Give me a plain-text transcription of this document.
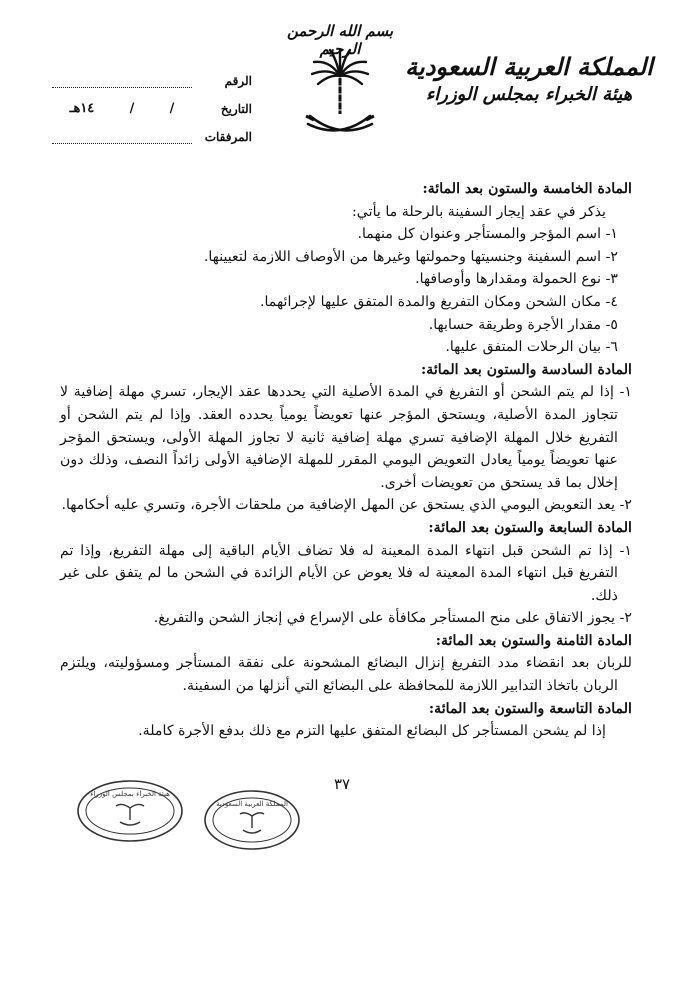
بسم الله الرحمن الرحيم
المملكة العربية السعودية
هيئة الخبراء بمجلس الوزراء
الرقم
التاريخ
/
/
١٤هـ
المرفقات

المادة الخامسة والستون بعد المائة:

يذكر في عقد إيجار السفينة بالرحلة ما يأتي:

١- اسم المؤجر والمستأجر وعنوان كل منهما.

٢- اسم السفينة وجنسيتها وحمولتها وغيرها من الأوصاف اللازمة لتعيينها.

٣- نوع الحمولة ومقدارها وأوصافها.

٤- مكان الشحن ومكان التفريغ والمدة المتفق عليها لإجرائهما.

٥- مقدار الأجرة وطريقة حسابها.

٦- بيان الرحلات المتفق عليها.

المادة السادسة والستون بعد المائة:

١- إذا لم يتم الشحن أو التفريغ في المدة الأصلية التي يحددها عقد الإيجار، تسري مهلة إضافية لا تتجاوز المدة الأصلية، ويستحق المؤجر عنها تعويضاً يومياً يحدده العقد. وإذا لم يتم الشحن أو التفريغ خلال المهلة الإضافية تسري مهلة إضافية ثانية لا تجاوز المهلة الأولى، ويستحق المؤجر عنها تعويضاً يومياً يعادل التعويض اليومي المقرر للمهلة الإضافية الأولى زائداً النصف، وذلك دون إخلال بما قد يستحق من تعويضات أخرى.

٢- يعد التعويض اليومي الذي يستحق عن المهل الإضافية من ملحقات الأجرة، وتسري عليه أحكامها.

المادة السابعة والستون بعد المائة:

١- إذا تم الشحن قبل انتهاء المدة المعينة له فلا تضاف الأيام الباقية إلى مهلة التفريغ، وإذا تم التفريغ قبل انتهاء المدة المعينة له فلا يعوض عن الأيام الزائدة في الشحن ما لم يتفق على غير ذلك.

٢- يجوز الاتفاق على منح المستأجر مكافأة على الإسراع في إنجاز الشحن والتفريغ.

المادة الثامنة والستون بعد المائة:

للربان بعد انقضاء مدد التفريغ إنزال البضائع المشحونة على نفقة المستأجر ومسؤوليته، ويلتزم الربان باتخاذ التدابير اللازمة للمحافظة على البضائع التي أنزلها من السفينة.

المادة التاسعة والستون بعد المائة:

إذا لم يشحن المستأجر كل البضائع المتفق عليها التزم مع ذلك بدفع الأجرة كاملة.

٣٧
هيئة الخبراء بمجلس الوزراء
المملكة العربية السعودية
